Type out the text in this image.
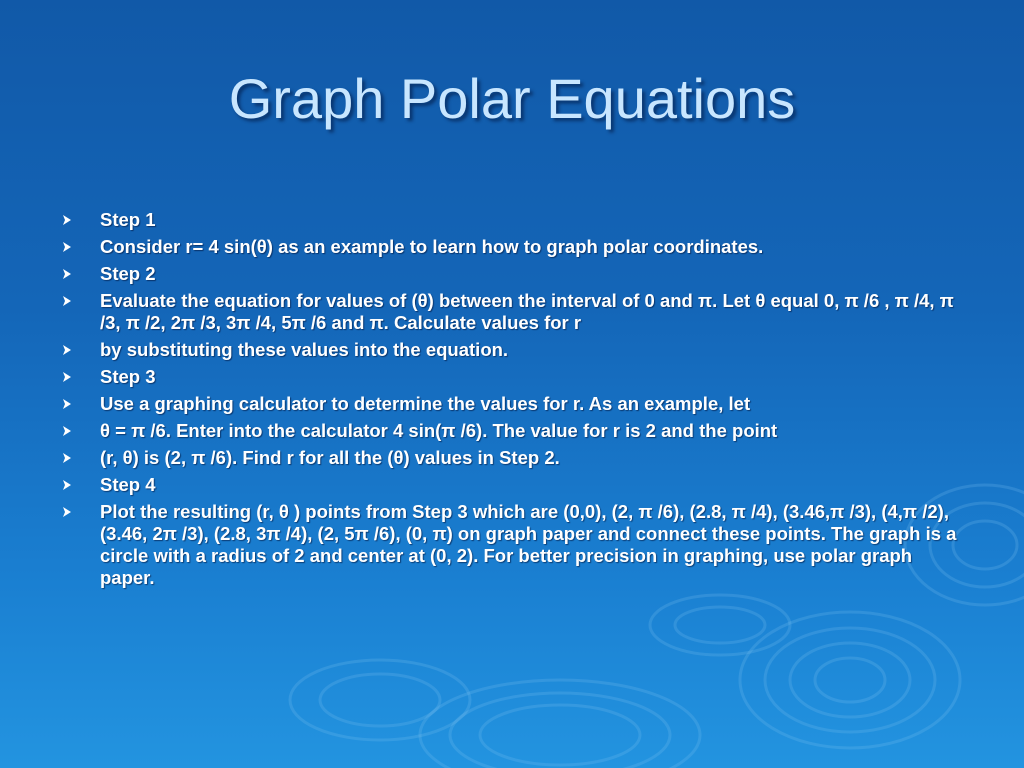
Graph Polar Equations
Step 1
Consider r= 4 sin(θ) as an example to learn how to graph polar coordinates.
Step 2
Evaluate the equation for values of (θ) between the interval of 0 and π. Let θ equal 0, π /6 , π /4, π /3, π /2, 2π /3, 3π /4, 5π /6 and π. Calculate values for r
by substituting these values into the equation.
Step 3
Use a graphing calculator to determine the values for r. As an example, let
θ = π /6. Enter into the calculator 4 sin(π /6). The value for r is 2 and the point
(r, θ) is (2, π /6). Find r for all the (θ) values in Step 2.
Step 4
Plot the resulting (r, θ ) points from Step 3 which are (0,0), (2, π /6), (2.8, π /4), (3.46,π /3), (4,π /2), (3.46, 2π /3), (2.8, 3π /4), (2, 5π /6), (0, π) on graph paper and connect these points. The graph is a circle with a radius of 2 and center at (0, 2). For better precision in graphing, use polar graph paper.
